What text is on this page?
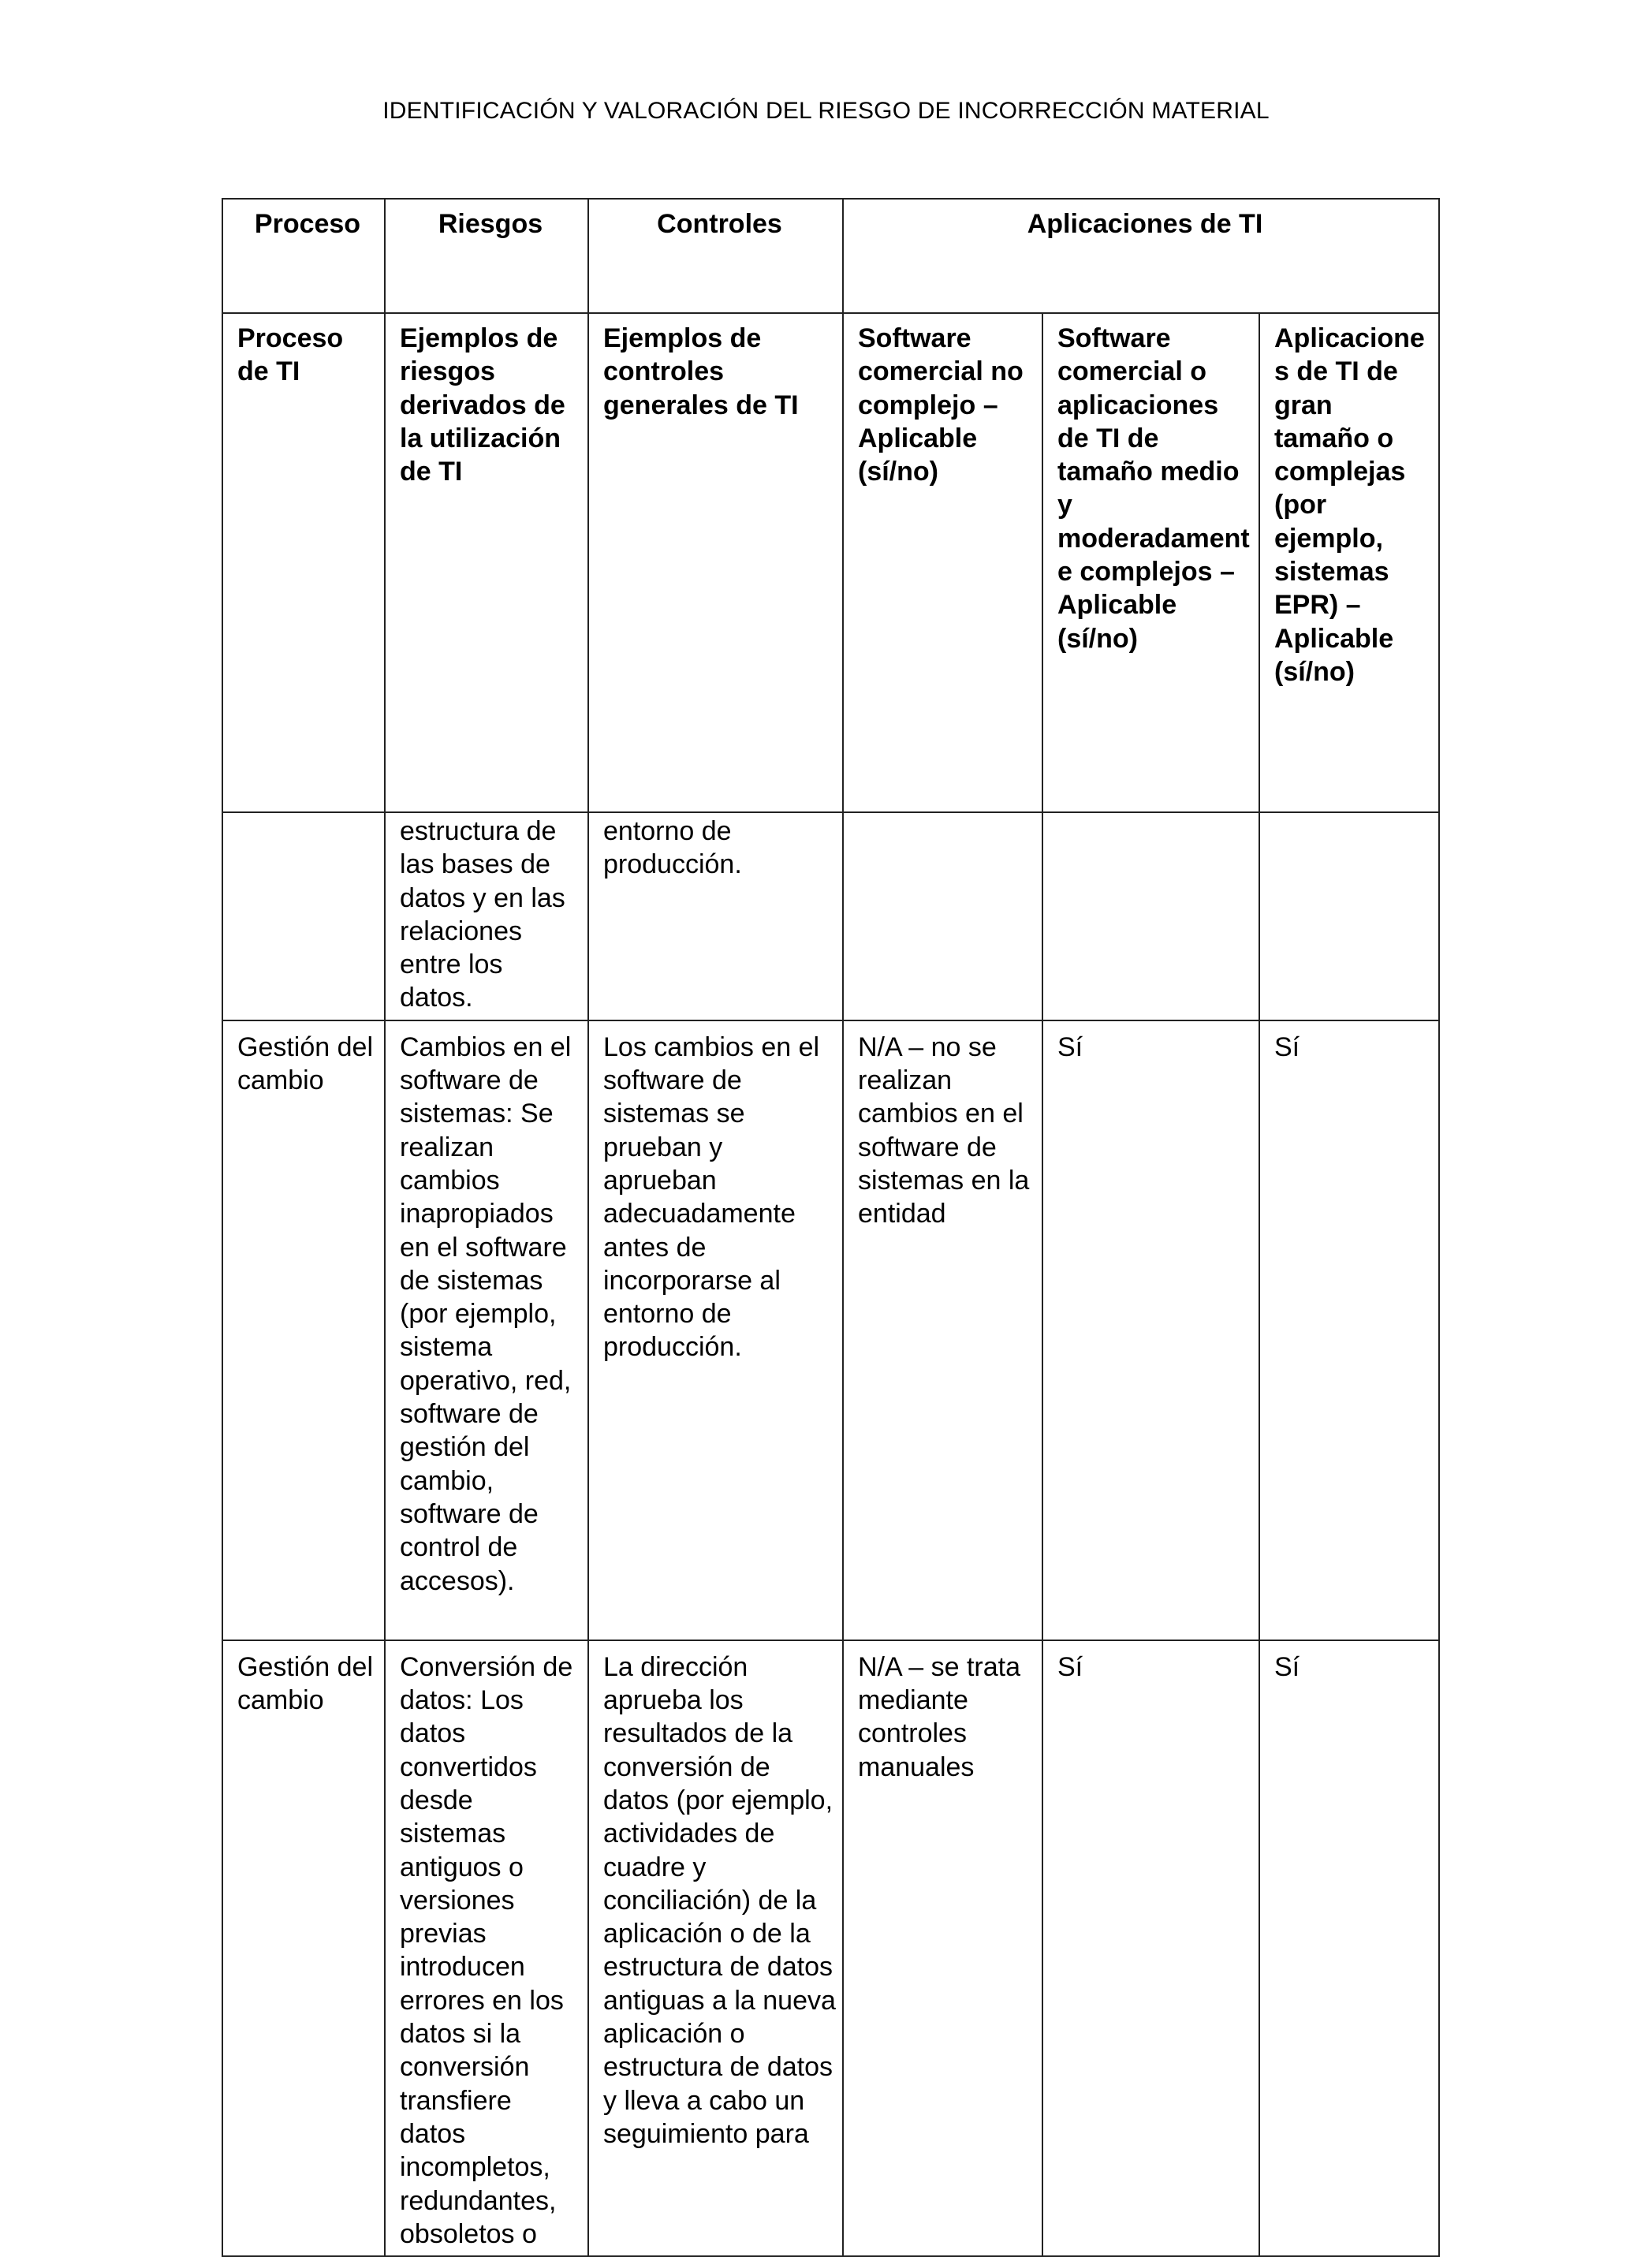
IDENTIFICACIÓN Y VALORACIÓN DEL RIESGO DE INCORRECCIÓN MATERIAL
Proceso	Riesgos	Controles	Aplicaciones de TI		
Proceso de TI	Ejemplos de riesgos derivados de la utilización de TI	Ejemplos de controles generales de TI	Software comercial no complejo – Aplicable (sí/no)	Software comercial o aplicaciones de TI de tamaño medio y moderadamente complejos – Aplicable (sí/no)	Aplicaciones de TI de gran tamaño o complejas (por ejemplo, sistemas EPR) – Aplicable (sí/no)
	estructura de las bases de datos y en las relaciones entre los datos.	entorno de producción.			
Gestión del cambio	Cambios en el software de sistemas: Se realizan cambios inapropiados en el software de sistemas (por ejemplo, sistema operativo, red, software de gestión del cambio, software de control de accesos).	Los cambios en el software de sistemas se prueban y aprueban adecuadamente antes de incorporarse al entorno de producción.	N/A – no se realizan cambios en el software de sistemas en la entidad	Sí	Sí
Gestión del cambio	Conversión de datos: Los datos convertidos desde sistemas antiguos o versiones previas introducen errores en los datos si la conversión transfiere datos incompletos, redundantes, obsoletos o	La dirección aprueba los resultados de la conversión de datos (por ejemplo, actividades de cuadre y conciliación) de la aplicación o de la estructura de datos antiguas a la nueva aplicación o estructura de datos y lleva a cabo un seguimiento para	N/A – se trata mediante controles manuales	Sí	Sí
